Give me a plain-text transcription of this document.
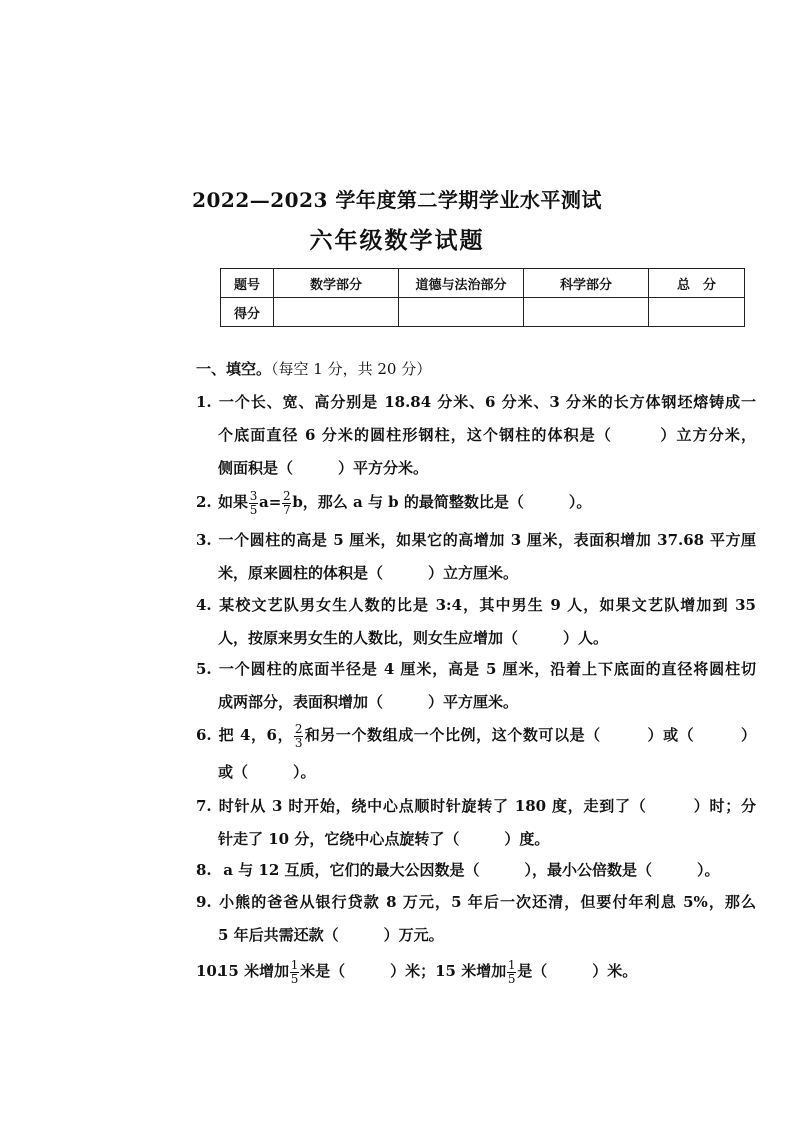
2022—2023 学年度第二学期学业水平测试
六年级数学试题
题号	数学部分	道德与法治部分	科学部分	总　分
得分				
一、填空。（每空 1 分，共 20 分）
1. 一个长、宽、高分别是 18.84 分米、6 分米、3 分米的长方体钢坯熔铸成一
个底面直径 6 分米的圆柱形钢柱，这个钢柱的体积是（　　　）立方分米，
侧面积是（　　　）平方分米。
2. 如果 $\frac{3}{5} a= \frac{2}{7}$ b，那么 a 与 b 的最简整数比是（　　　）。
3. 一个圆柱的高是 5 厘米，如果它的高增加 3 厘米，表面积增加 37.68 平方厘
米，原来圆柱的体积是（　　　）立方厘米。
4. 某校文艺队男女生人数的比是 3:4，其中男生 9 人，如果文艺队增加到 35
人，按原来男女生的人数比，则女生应增加（　　　）人。
5. 一个圆柱的底面半径是 4 厘米，高是 5 厘米，沿着上下底面的直径将圆柱切
成两部分，表面积增加（　　　）平方厘米。
6. 把 4，6， $\frac{2}{3}$ 和另一个数组成一个比例，这个数可以是（　　　）或（　　　）
或（　　　）。
7. 时针从 3 时开始，绕中心点顺时针旋转了 180 度，走到了（　　　）时；分
针走了 10 分，它绕中心点旋转了（　　　）度。
8. a 与 12 互质，它们的最大公因数是（　　　），最小公倍数是（　　　）。
9. 小熊的爸爸从银行贷款 8 万元，5 年后一次还清，但要付年利息 5%，那么
5 年后共需还款（　　　）万元。
10.15 米增加 $\frac{1}{5}$ 米是（　　　）米；15 米增加 $\frac{1}{5}$ 是（　　　）米。
